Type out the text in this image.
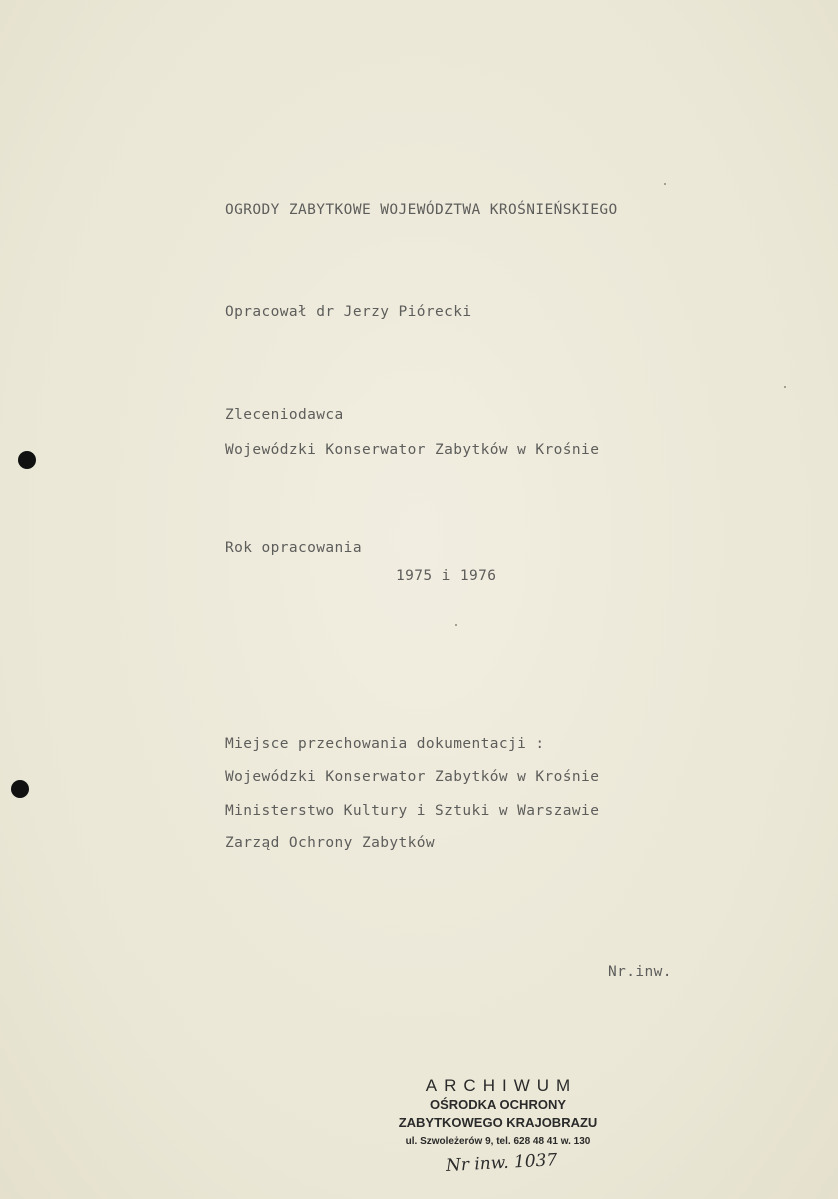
OGRODY ZABYTKOWE WOJEWÓDZTWA KROŚNIEŃSKIEGO
Opracował dr Jerzy Piórecki
Zleceniodawca
Wojewódzki Konserwator Zabytków w Krośnie
Rok opracowania
1975 i 1976
Miejsce przechowania dokumentacji :
Wojewódzki Konserwator Zabytków w Krośnie
Ministerstwo Kultury i Sztuki w Warszawie
Zarząd Ochrony Zabytków
Nr.inw.
ARCHIWUM
OŚRODKA OCHRONY
ZABYTKOWEGO KRAJOBRAZU
ul. Szwoleżerów 9, tel. 628 48 41 w. 130
Nr inw. 1037
